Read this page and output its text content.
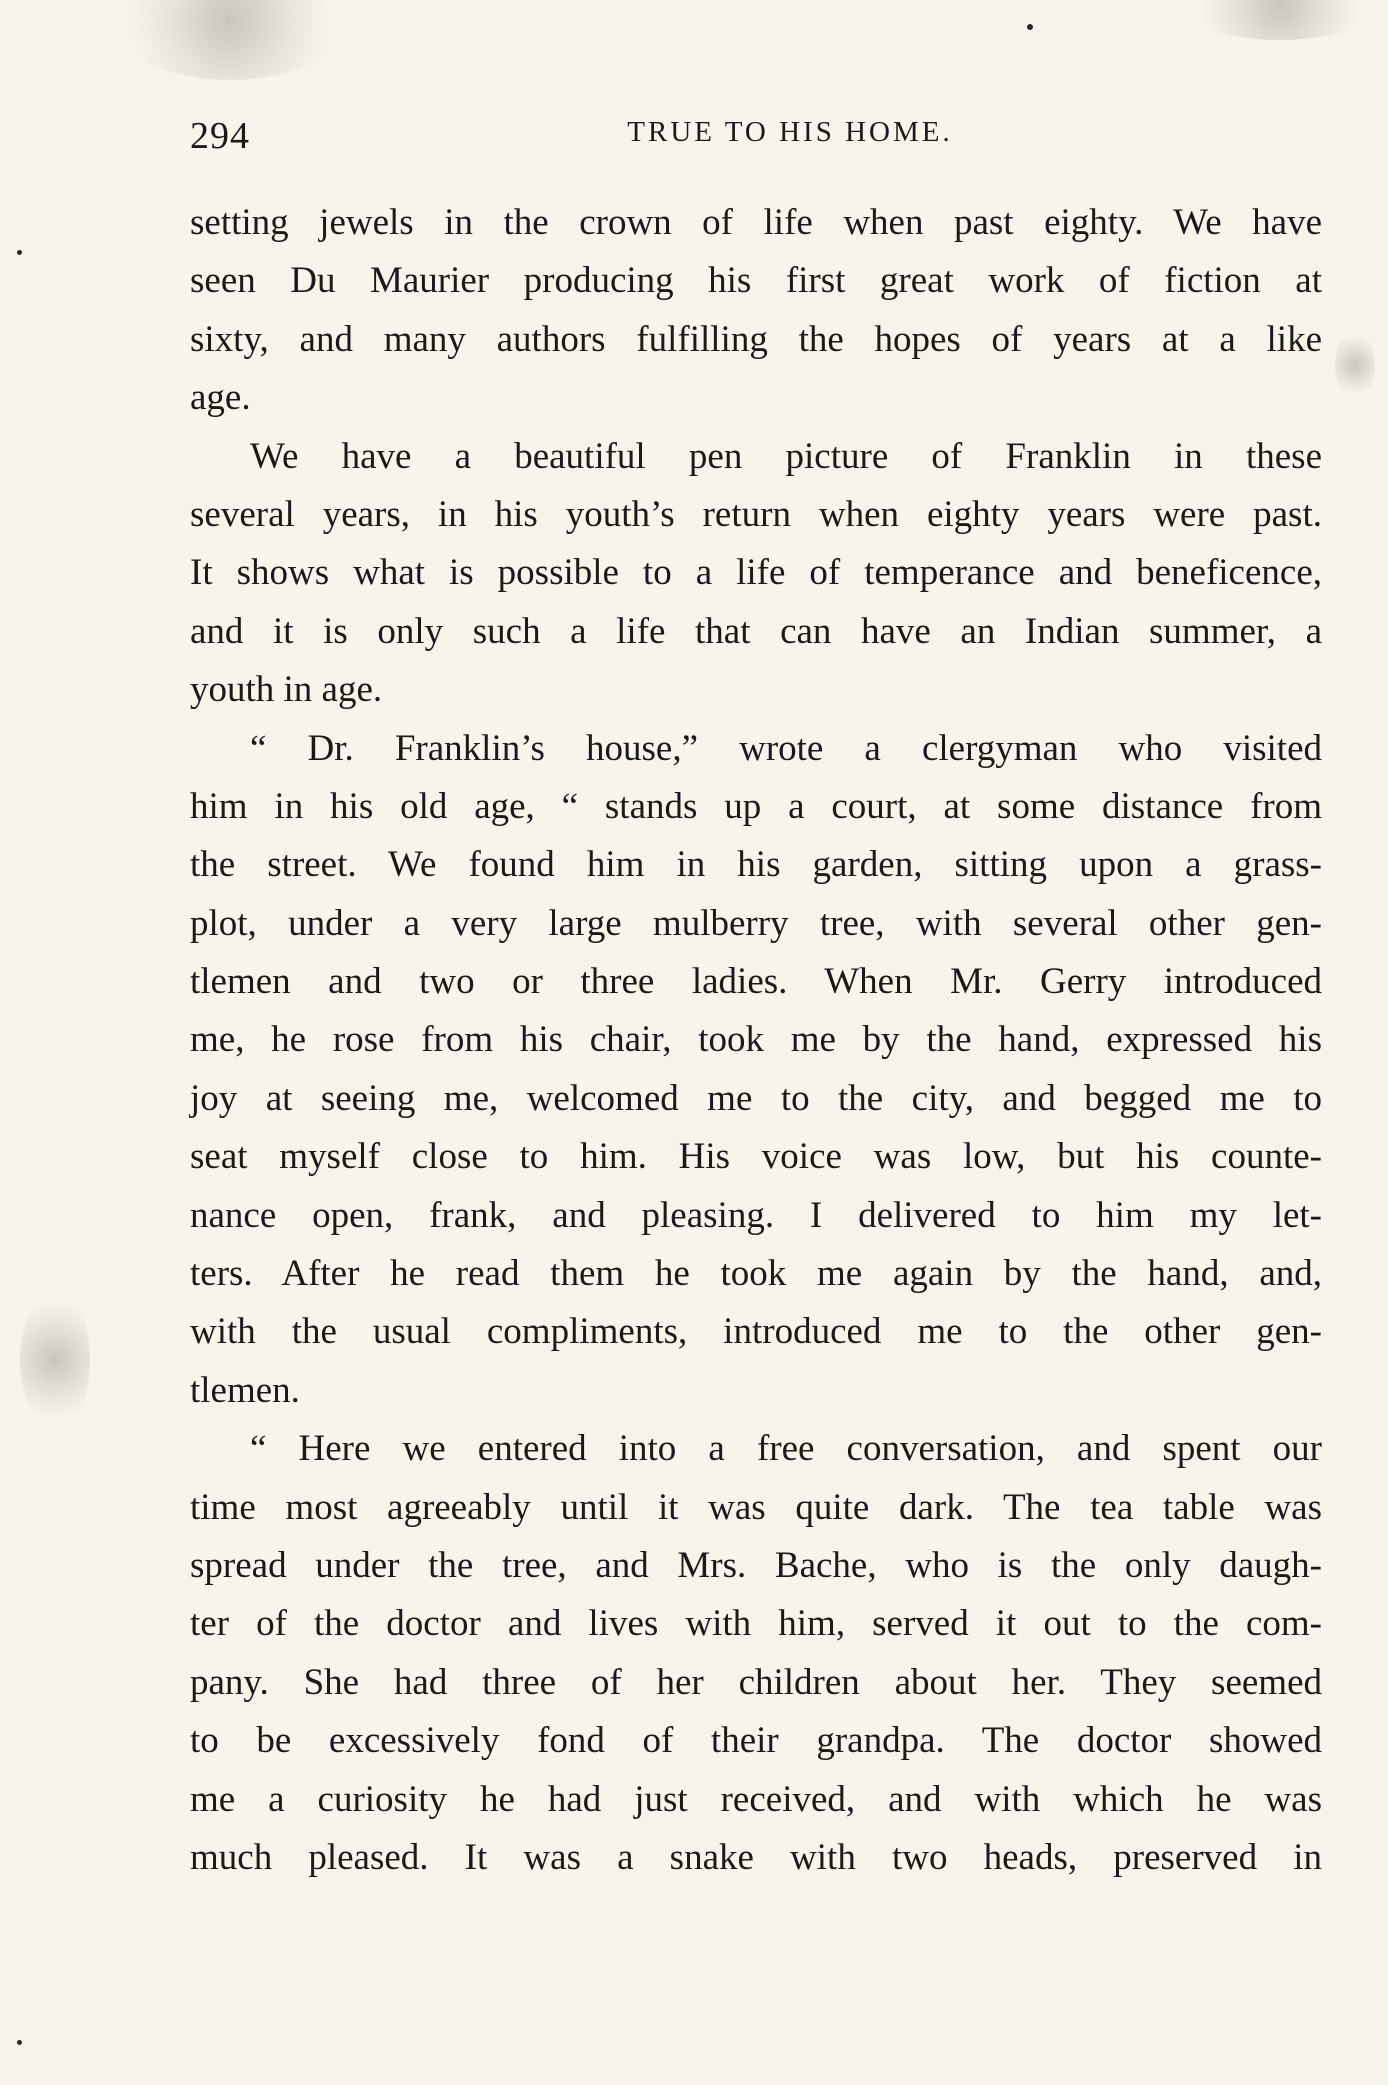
294	TRUE TO HIS HOME.
setting jewels in the crown of life when past eighty. We have
seen Du Maurier producing his first great work of fiction at
sixty, and many authors fulfilling the hopes of years at a like
age.
We have a beautiful pen picture of Franklin in these
several years, in his youth’s return when eighty years were past.
It shows what is possible to a life of temperance and beneficence,
and it is only such a life that can have an Indian summer, a
youth in age.
“ Dr. Franklin’s house,” wrote a clergyman who visited
him in his old age, “ stands up a court, at some distance from
the street. We found him in his garden, sitting upon a grass-
plot, under a very large mulberry tree, with several other gen-
tlemen and two or three ladies. When Mr. Gerry introduced
me, he rose from his chair, took me by the hand, expressed his
joy at seeing me, welcomed me to the city, and begged me to
seat myself close to him. His voice was low, but his counte-
nance open, frank, and pleasing. I delivered to him my let-
ters. After he read them he took me again by the hand, and,
with the usual compliments, introduced me to the other gen-
tlemen.
“ Here we entered into a free conversation, and spent our
time most agreeably until it was quite dark. The tea table was
spread under the tree, and Mrs. Bache, who is the only daugh-
ter of the doctor and lives with him, served it out to the com-
pany. She had three of her children about her. They seemed
to be excessively fond of their grandpa. The doctor showed
me a curiosity he had just received, and with which he was
much pleased. It was a snake with two heads, preserved in
